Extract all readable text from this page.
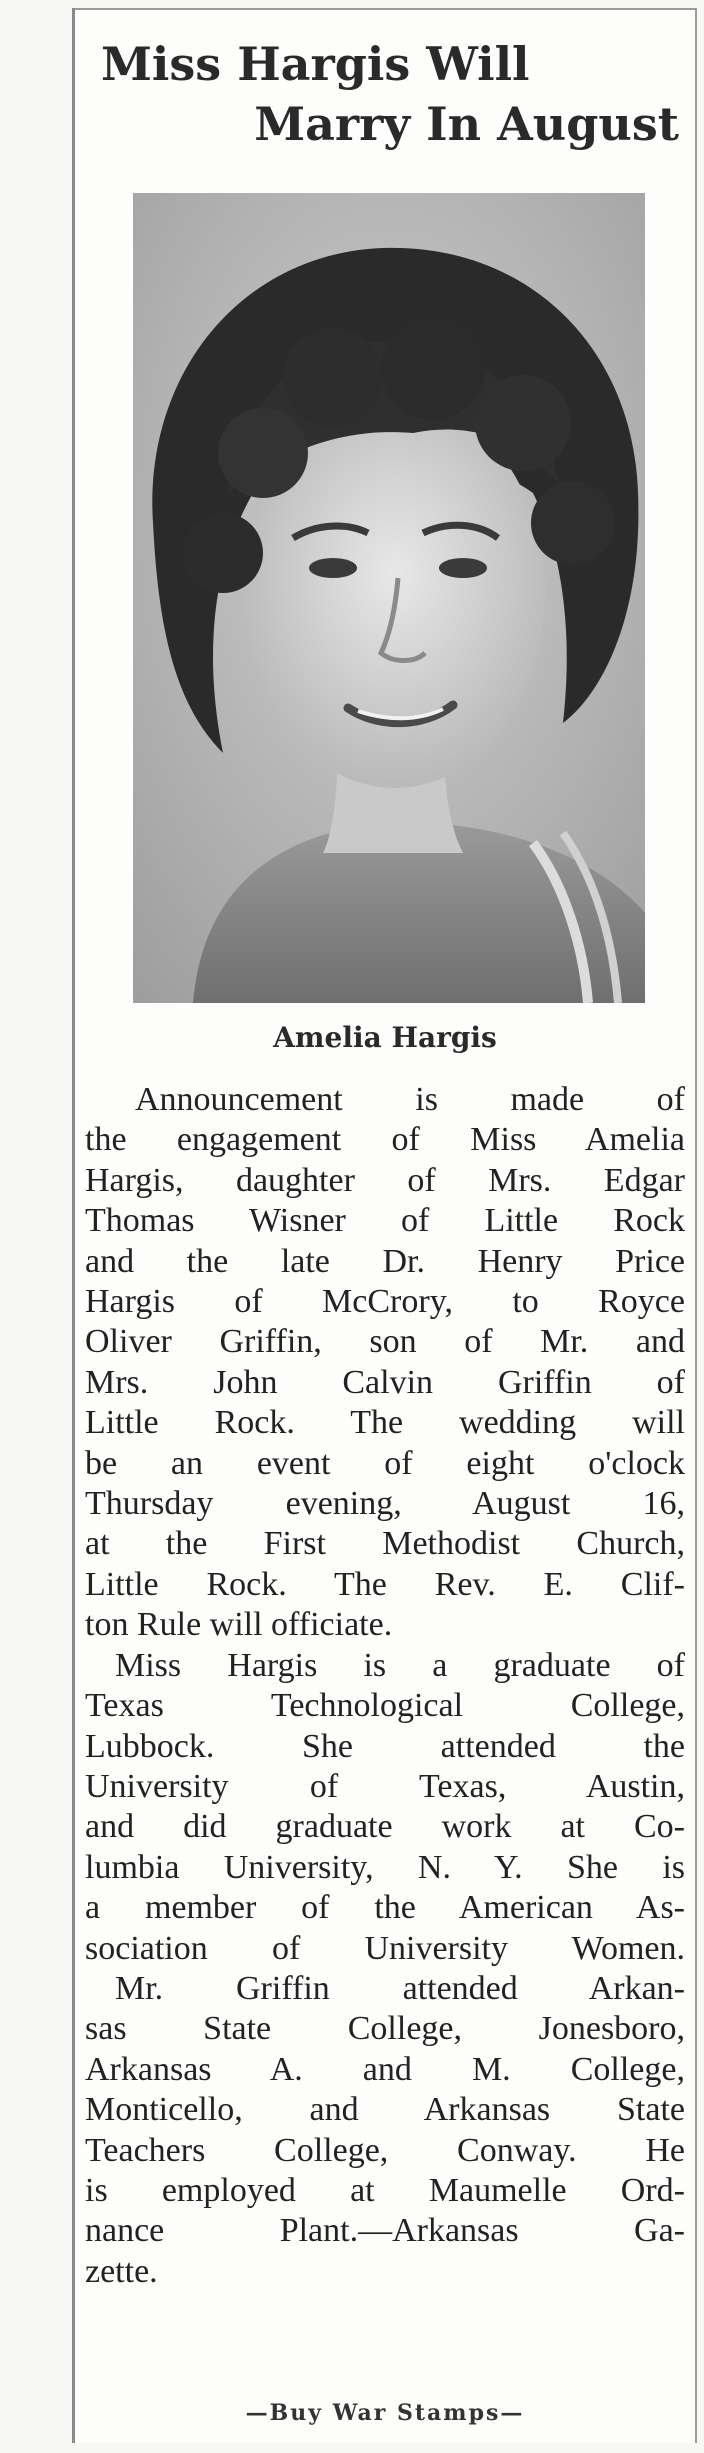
Miss Hargis Will
Marry In August
Amelia Hargis

Announcement is made of
the engagement of Miss Amelia
Hargis, daughter of Mrs. Edgar
Thomas Wisner of Little Rock
and the late Dr. Henry Price
Hargis of McCrory, to Royce
Oliver Griffin, son of Mr. and
Mrs. John Calvin Griffin of
Little Rock. The wedding will
be an event of eight o'clock
Thursday evening, August 16,
at the First Methodist Church,
Little Rock. The Rev. E. Clif-
ton Rule will officiate.

Miss Hargis is a graduate of
Texas Technological College,
Lubbock. She attended the
University of Texas, Austin,
and did graduate work at Co-
lumbia University, N. Y. She is
a member of the American As-
sociation of University Women.

Mr. Griffin attended Arkan-
sas State College, Jonesboro,
Arkansas A. and M. College,
Monticello, and Arkansas State
Teachers College, Conway. He
is employed at Maumelle Ord-
nance Plant.—Arkansas Ga-
zette.

—Buy War Stamps—
